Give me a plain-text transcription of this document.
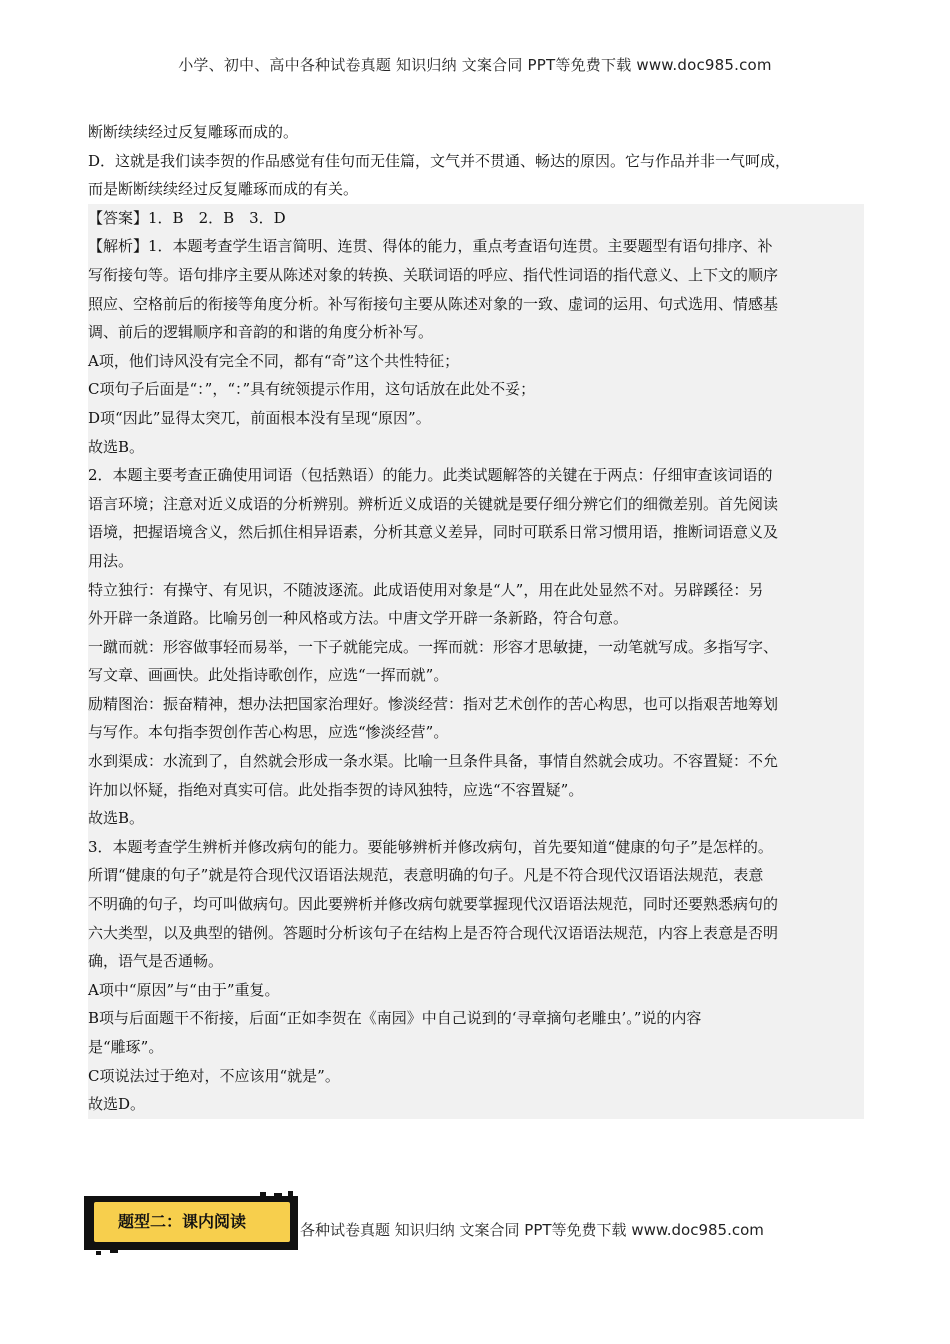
小学、初中、高中各种试卷真题 知识归纳 文案合同 PPT等免费下载 www.doc985.com

断断续续经过反复雕琢而成的。

D．这就是我们读李贺的作品感觉有佳句而无佳篇，文气并不贯通、畅达的原因。它与作品并非一气呵成，

而是断断续续经过反复雕琢而成的有关。

【答案】1．B　2．B　3．D

【解析】1．本题考查学生语言简明、连贯、得体的能力，重点考查语句连贯。主要题型有语句排序、补

写衔接句等。语句排序主要从陈述对象的转换、关联词语的呼应、指代性词语的指代意义、上下文的顺序

照应、空格前后的衔接等角度分析。补写衔接句主要从陈述对象的一致、虚词的运用、句式选用、情感基

调、前后的逻辑顺序和音韵的和谐的角度分析补写。

A项，他们诗风没有完全不同，都有“奇”这个共性特征；

C项句子后面是“：”，“：”具有统领提示作用，这句话放在此处不妥；

D项“因此”显得太突兀，前面根本没有呈现“原因”。

故选B。

2．本题主要考查正确使用词语（包括熟语）的能力。此类试题解答的关键在于两点：仔细审查该词语的

语言环境；注意对近义成语的分析辨别。辨析近义成语的关键就是要仔细分辨它们的细微差别。首先阅读

语境，把握语境含义，然后抓住相异语素，分析其意义差异，同时可联系日常习惯用语，推断词语意义及

用法。

特立独行：有操守、有见识，不随波逐流。此成语使用对象是“人”，用在此处显然不对。另辟蹊径：另

外开辟一条道路。比喻另创一种风格或方法。中唐文学开辟一条新路，符合句意。

一蹴而就：形容做事轻而易举，一下子就能完成。一挥而就：形容才思敏捷，一动笔就写成。多指写字、

写文章、画画快。此处指诗歌创作，应选“一挥而就”。

励精图治：振奋精神，想办法把国家治理好。惨淡经营：指对艺术创作的苦心构思，也可以指艰苦地筹划

与写作。本句指李贺创作苦心构思，应选“惨淡经营”。

水到渠成：水流到了，自然就会形成一条水渠。比喻一旦条件具备，事情自然就会成功。不容置疑：不允

许加以怀疑，指绝对真实可信。此处指李贺的诗风独特，应选“不容置疑”。

故选B。

3．本题考查学生辨析并修改病句的能力。要能够辨析并修改病句，首先要知道“健康的句子”是怎样的。

所谓“健康的句子”就是符合现代汉语语法规范，表意明确的句子。凡是不符合现代汉语语法规范，表意

不明确的句子，均可叫做病句。因此要辨析并修改病句就要掌握现代汉语语法规范，同时还要熟悉病句的

六大类型，以及典型的错例。答题时分析该句子在结构上是否符合现代汉语语法规范，内容上表意是否明

确，语气是否通畅。

A项中“原因”与“由于”重复。

B项与后面题干不衔接，后面“正如李贺在《南园》中自己说到的‘寻章摘句老雕虫’。”说的内容

是“雕琢”。

C项说法过于绝对，不应该用“就是”。

故选D。

各种试卷真题 知识归纳 文案合同 PPT等免费下载 www.doc985.com
题型二：课内阅读
